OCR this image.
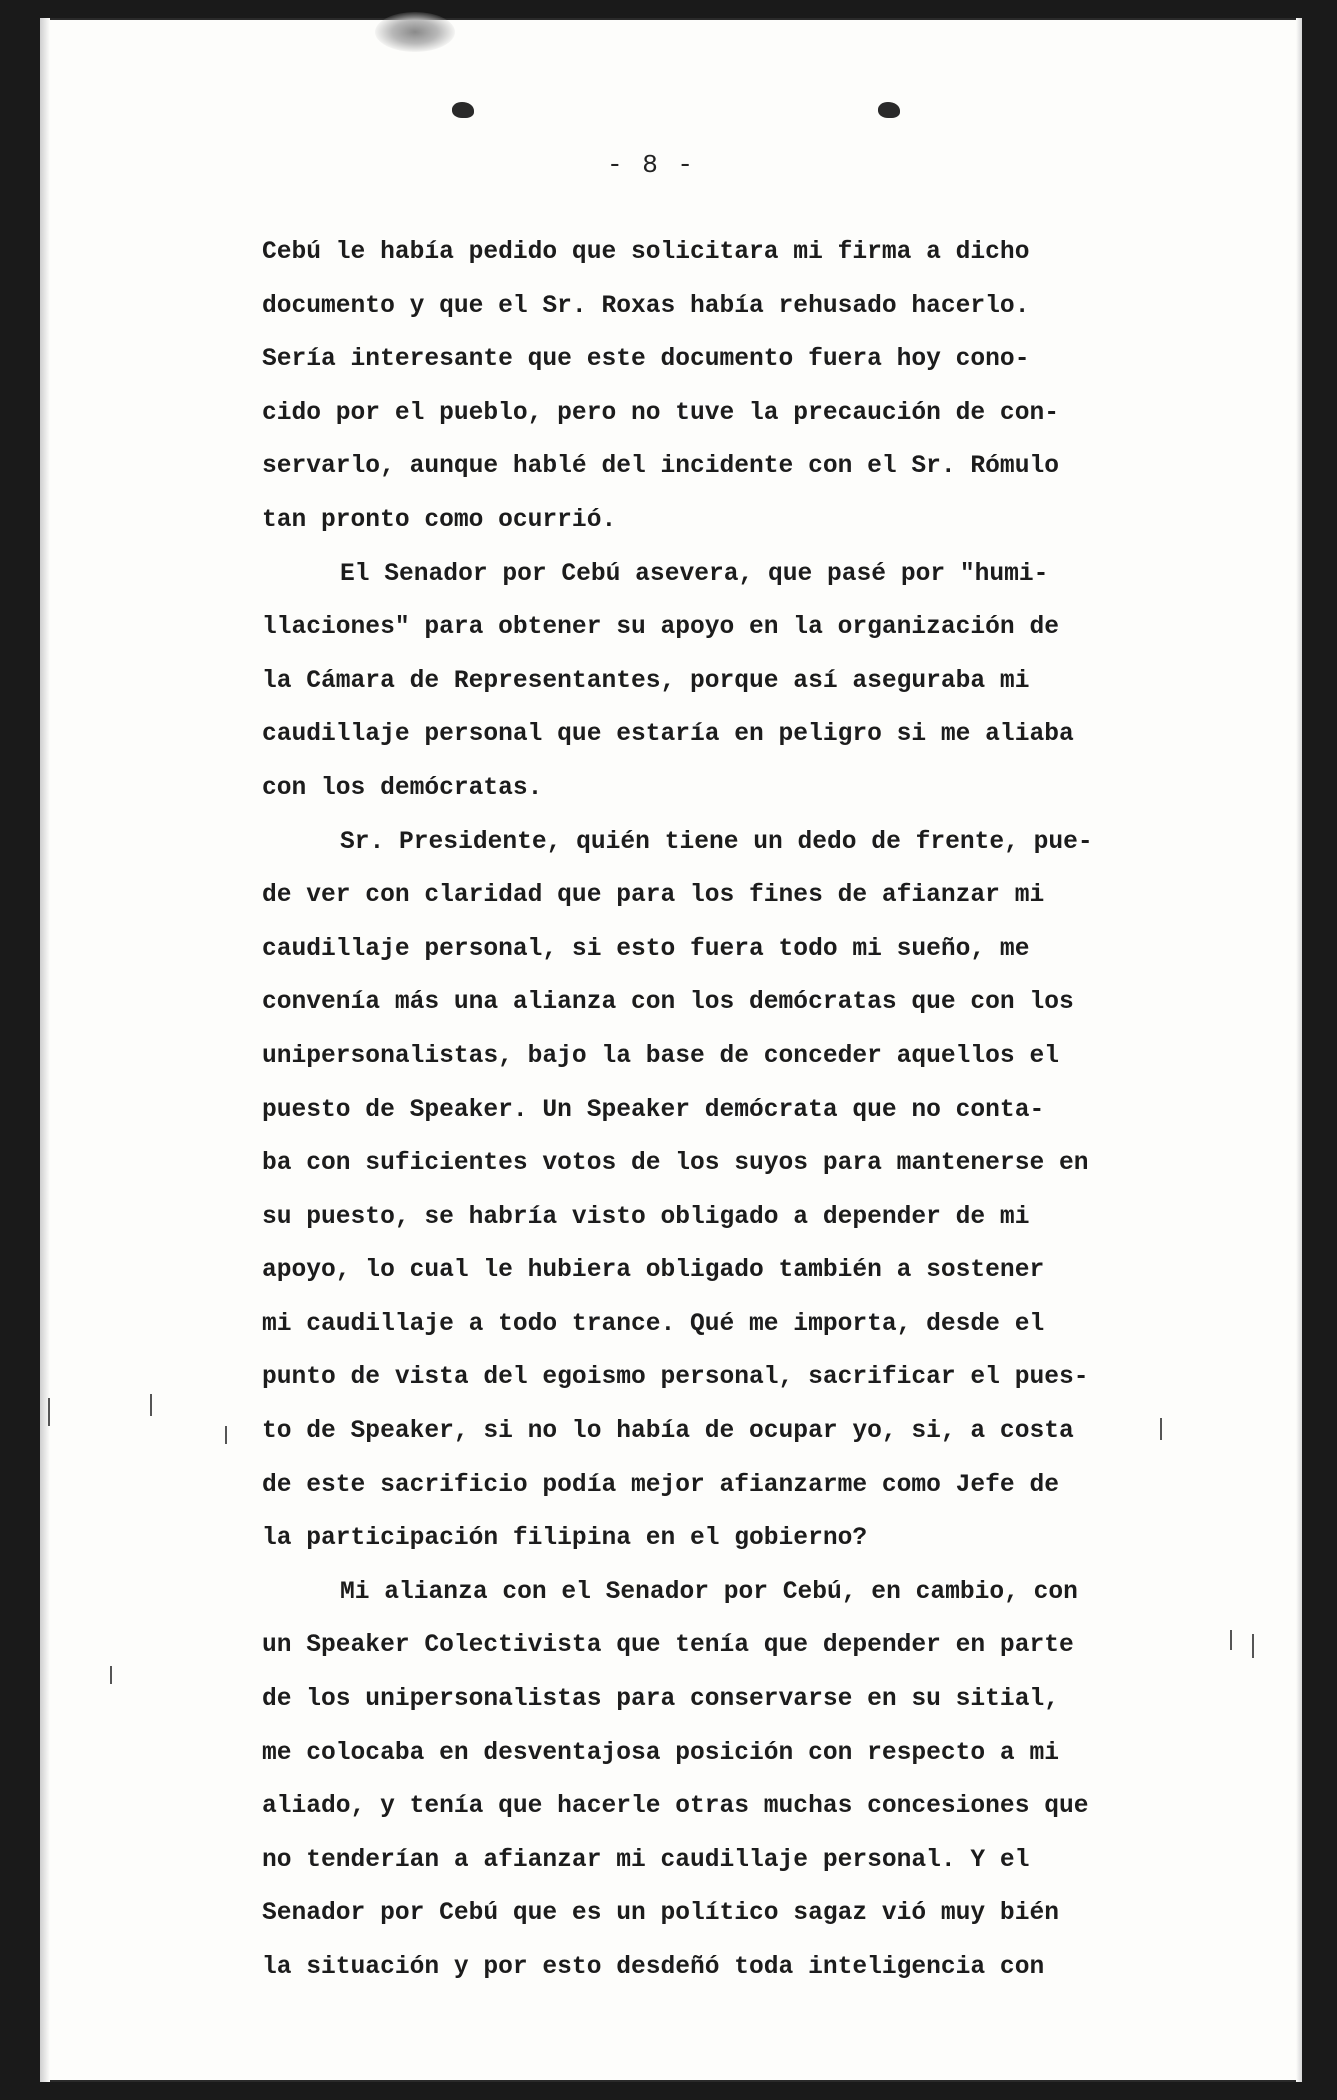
- 8 -
Cebú le había pedido que solicitara mi firma a dicho
documento y que el Sr. Roxas había rehusado hacerlo.
Sería interesante que este documento fuera hoy cono-
cido por el pueblo, pero no tuve la precaución de con-
servarlo, aunque hablé del incidente con el Sr. Rómulo
tan pronto como ocurrió.
El Senador por Cebú asevera, que pasé por "humi-
llaciones" para obtener su apoyo en la organización de
la Cámara de Representantes, porque así aseguraba mi
caudillaje personal que estaría en peligro si me aliaba
con los demócratas.
Sr. Presidente, quién tiene un dedo de frente, pue-
de ver con claridad que para los fines de afianzar mi
caudillaje personal, si esto fuera todo mi sueño, me
convenía más una alianza con los demócratas que con los
unipersonalistas, bajo la base de conceder aquellos el
puesto de Speaker. Un Speaker demócrata que no conta-
ba con suficientes votos de los suyos para mantenerse en
su puesto, se habría visto obligado a depender de mi
apoyo, lo cual le hubiera obligado también a sostener
mi caudillaje a todo trance. Qué me importa, desde el
punto de vista del egoismo personal, sacrificar el pues-
to de Speaker, si no lo había de ocupar yo, si, a costa
de este sacrificio podía mejor afianzarme como Jefe de
la participación filipina en el gobierno?
Mi alianza con el Senador por Cebú, en cambio, con
un Speaker Colectivista que tenía que depender en parte
de los unipersonalistas para conservarse en su sitial,
me colocaba en desventajosa posición con respecto a mi
aliado, y tenía que hacerle otras muchas concesiones que
no tenderían a afianzar mi caudillaje personal. Y el
Senador por Cebú que es un político sagaz vió muy bién
la situación y por esto desdeñó toda inteligencia con
